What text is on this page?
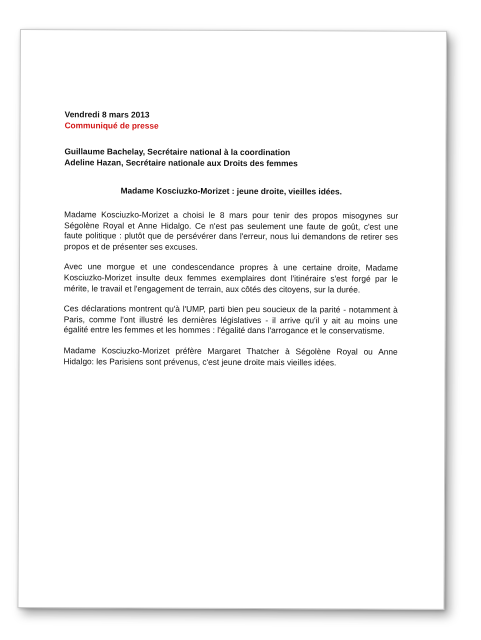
Vendredi 8 mars 2013

Communiqué de presse

Guillaume Bachelay, Secrétaire national à la coordination
Adeline Hazan, Secrétaire nationale aux Droits des femmes
Madame Kosciuzko-Morizet : jeune droite, vieilles idées.

Madame Kosciuzko-Morizet a choisi le 8 mars pour tenir des propos misogynes sur Ségolène Royal et Anne Hidalgo. Ce n'est pas seulement une faute de goût, c'est une faute politique : plutôt que de persévérer dans l'erreur, nous lui demandons de retirer ses propos et de présenter ses excuses.

Avec une morgue et une condescendance propres à une certaine droite, Madame Kosciuzko-Morizet insulte deux femmes exemplaires dont l'itinéraire s'est forgé par le mérite, le travail et l'engagement de terrain, aux côtés des citoyens, sur la durée.

Ces déclarations montrent qu'à l'UMP, parti bien peu soucieux de la parité - notamment à Paris, comme l'ont illustré les dernières législatives - il arrive qu'il y ait au moins une égalité entre les femmes et les hommes : l'égalité dans l'arrogance et le conservatisme.

Madame Kosciuzko-Morizet préfère Margaret Thatcher à Ségolène Royal ou Anne Hidalgo: les Parisiens sont prévenus, c'est jeune droite mais vieilles idées.
